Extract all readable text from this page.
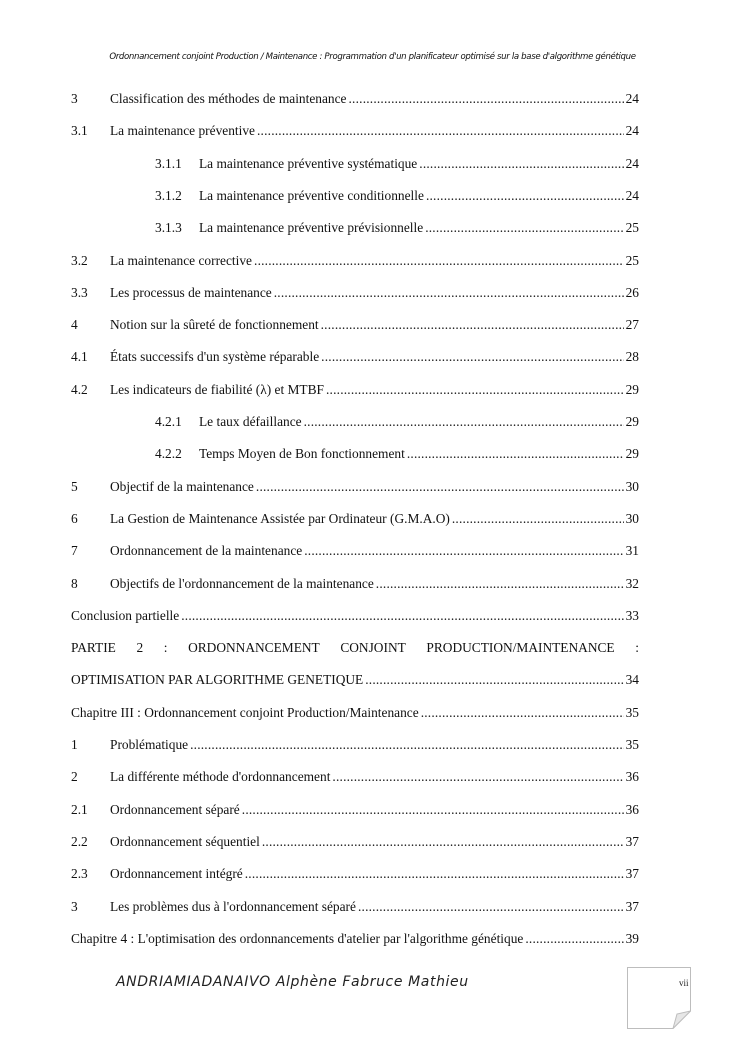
Ordonnancement conjoint Production / Maintenance : Programmation d'un planificateur optimisé sur la base d'algorithme génétique
3	Classification des méthodes de maintenance .....	24
3.1	La maintenance préventive .....	24
3.1.1	La maintenance préventive systématique .....	24
3.1.2	La maintenance préventive conditionnelle .....	24
3.1.3	La maintenance préventive prévisionnelle .....	25
3.2	La maintenance corrective .....	25
3.3	Les processus de maintenance .....	26
4	Notion sur la sûreté de fonctionnement .....	27
4.1	États successifs d'un système réparable .....	28
4.2	Les indicateurs de fiabilité (λ) et MTBF .....	29
4.2.1	Le taux défaillance .....	29
4.2.2	Temps Moyen de Bon fonctionnement .....	29
5	Objectif de la maintenance .....	30
6	La Gestion de Maintenance Assistée par Ordinateur (G.M.A.O) .....	30
7	Ordonnancement de la maintenance .....	31
8	Objectifs de l'ordonnancement de la maintenance .....	32
Conclusion partielle .....	33
PARTIE 2 : ORDONNANCEMENT CONJOINT PRODUCTION/MAINTENANCE :
OPTIMISATION PAR ALGORITHME GENETIQUE .....	34
Chapitre III : Ordonnancement conjoint Production/Maintenance .....	35
1	Problématique .....	35
2	La différente méthode d'ordonnancement .....	36
2.1	Ordonnancement séparé .....	36
2.2	Ordonnancement séquentiel .....	37
2.3	Ordonnancement intégré .....	37
3	Les problèmes dus à l'ordonnancement séparé .....	37
Chapitre 4 : L'optimisation des ordonnancements d'atelier par l'algorithme génétique .....	39
ANDRIAMIADANAIVO Alphène Fabruce Mathieu	vii
